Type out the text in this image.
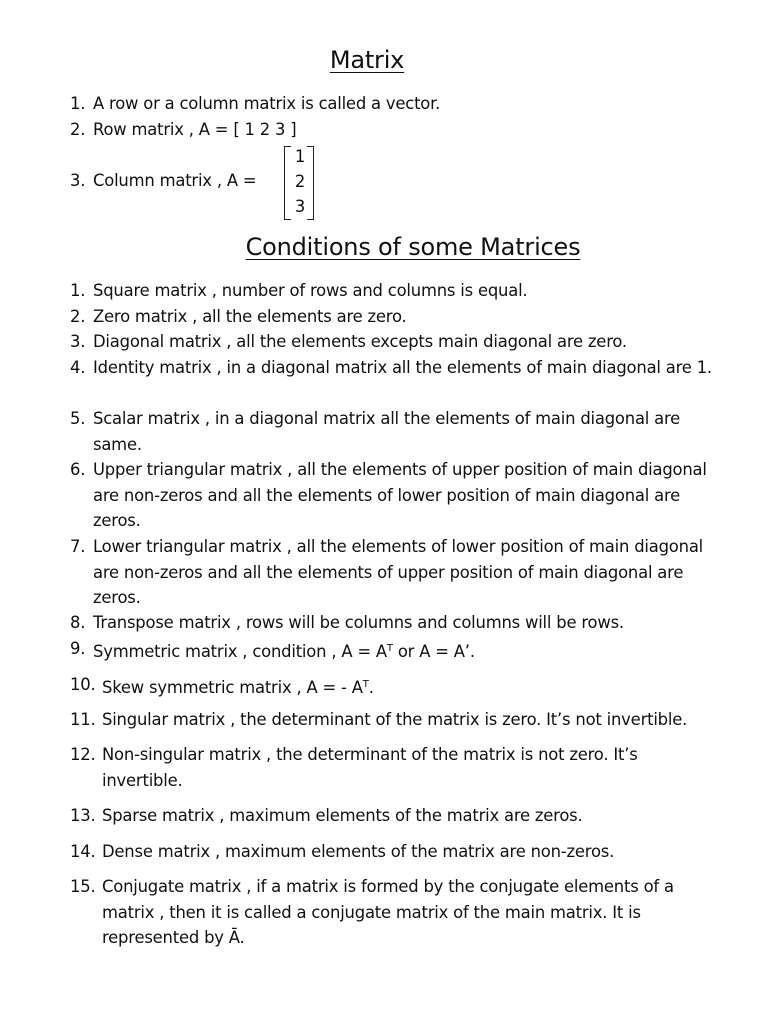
Matrix
1. A row or a column matrix is called a vector.
2. Row matrix , A = [ 1 2 3 ]
3. Column matrix , A =
1
2
3
Conditions of some Matrices
1. Square matrix , number of rows and columns is equal.
2. Zero matrix , all the elements are zero.
3. Diagonal matrix , all the elements excepts main diagonal are zero.
4. Identity matrix , in a diagonal matrix all the elements of main diagonal are 1.
5. Scalar matrix , in a diagonal matrix all the elements of main diagonal are same.
6. Upper triangular matrix , all the elements of upper position of main diagonal are non-zeros and all the elements of lower position of main diagonal are zeros.
7. Lower triangular matrix , all the elements of lower position of main diagonal are non-zeros and all the elements of upper position of main diagonal are zeros.
8. Transpose matrix , rows will be columns and columns will be rows.
9. Symmetric matrix , condition , $A = A^T$ or A = A’.
10. Skew symmetric matrix , A = - $A^T$.
11. Singular matrix , the determinant of the matrix is zero. It’s not invertible.
12. Non-singular matrix , the determinant of the matrix is not zero. It’s invertible.
13. Sparse matrix , maximum elements of the matrix are zeros.
14. Dense matrix , maximum elements of the matrix are non-zeros.
15. Conjugate matrix , if a matrix is formed by the conjugate elements of a matrix , then it is called a conjugate matrix of the main matrix. It is represented by Ā.
